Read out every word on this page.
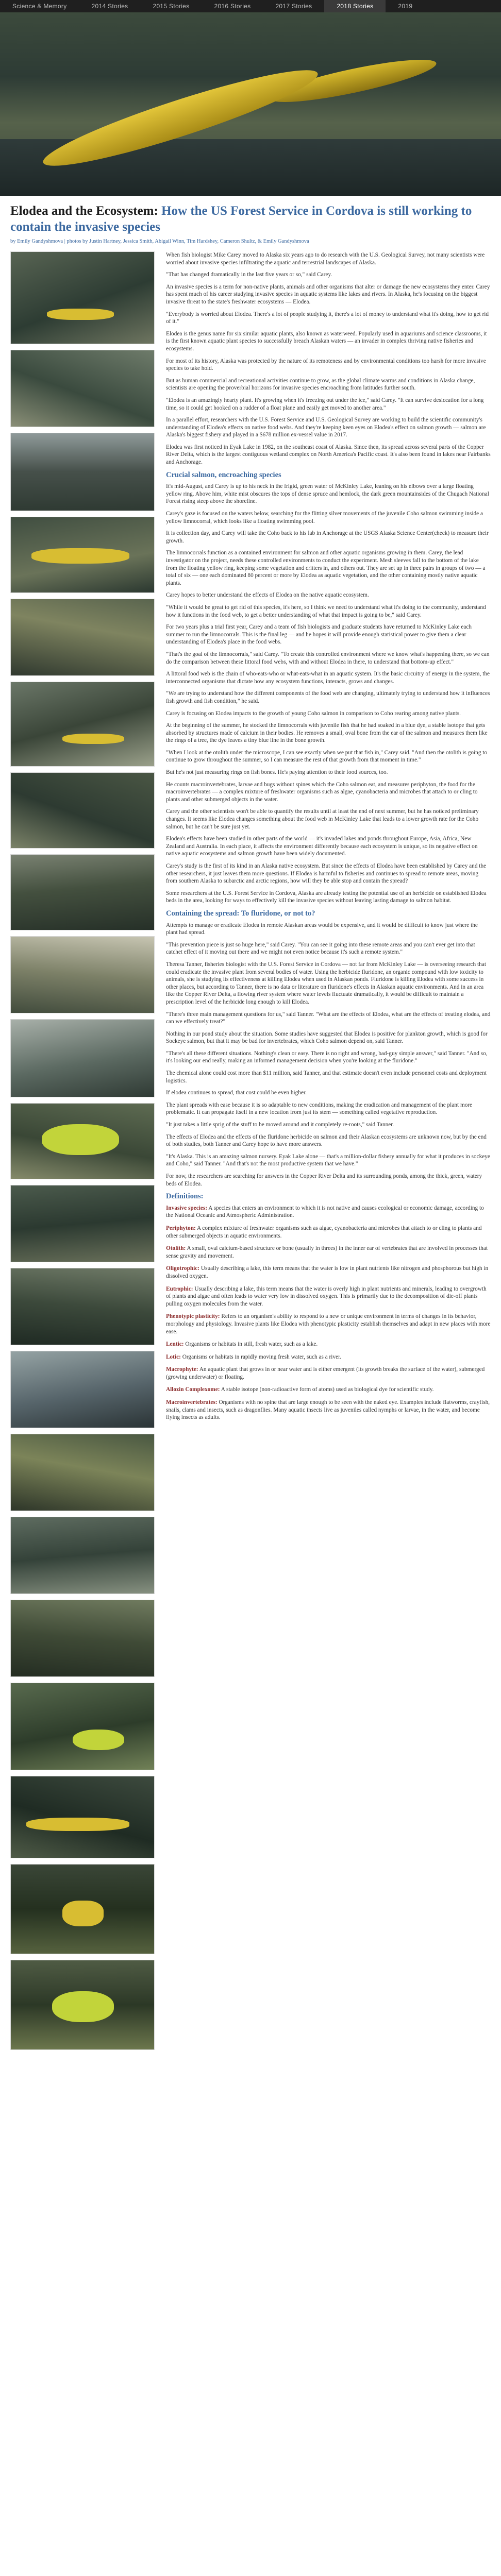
Science & Memory	2014 Stories	2015 Stories	2016 Stories	2017 Stories	2018 Stories	2019
Elodea and the Ecosystem: How the US Forest Service in Cordova is still working to contain the invasive species
by Emily Gandyshmova | photos by Justin Hartney, Jessica Smith, Abigail Winn, Tim Hardshey, Cameron Shultz, & Emily Gandyshmova

When fish biologist Mike Carey moved to Alaska six years ago to do research with the U.S. Geological Survey, not many scientists were worried about invasive species infiltrating the aquatic and terrestrial landscapes of Alaska.

"That has changed dramatically in the last five years or so," said Carey.

An invasive species is a term for non-native plants, animals and other organisms that alter or damage the new ecosystems they enter. Carey has spent much of his career studying invasive species in aquatic systems like lakes and rivers. In Alaska, he's focusing on the biggest invasive threat to the state's freshwater ecosystems — Elodea.

"Everybody is worried about Elodea. There's a lot of people studying it, there's a lot of money to understand what it's doing, how to get rid of it."

Elodea is the genus name for six similar aquatic plants, also known as waterweed. Popularly used in aquariums and science classrooms, it is the first known aquatic plant species to successfully breach Alaskan waters — an invader in complex thriving native fisheries and ecosystems.

For most of its history, Alaska was protected by the nature of its remoteness and by environmental conditions too harsh for more invasive species to take hold.

But as human commercial and recreational activities continue to grow, as the global climate warms and conditions in Alaska change, scientists are opening the proverbial horizons for invasive species encroaching from latitudes further south.

"Elodea is an amazingly hearty plant. It's growing when it's freezing out under the ice," said Carey. "It can survive desiccation for a long time, so it could get hooked on a rudder of a float plane and easily get moved to another area."

In a parallel effort, researchers with the U.S. Forest Service and U.S. Geological Survey are working to build the scientific community's understanding of Elodea's effects on native food webs. And they're keeping keen eyes on Elodea's effect on salmon growth — salmon are Alaska's biggest fishery and played in a $678 million ex-vessel value in 2017.

Elodea was first noticed in Eyak Lake in 1982, on the southeast coast of Alaska. Since then, its spread across several parts of the Copper River Delta, which is the largest contiguous wetland complex on North America's Pacific coast. It's also been found in lakes near Fairbanks and Anchorage.

Crucial salmon, encroaching species

It's mid-August, and Carey is up to his neck in the frigid, green water of McKinley Lake, leaning on his elbows over a large floating yellow ring. Above him, white mist obscures the tops of dense spruce and hemlock, the dark green mountainsides of the Chugach National Forest rising steep above the shoreline.

Carey's gaze is focused on the waters below, searching for the flitting silver movements of the juvenile Coho salmon swimming inside a yellow limnocorral, which looks like a floating swimming pool.

It is collection day, and Carey will take the Coho back to his lab in Anchorage at the USGS Alaska Science Center(check) to measure their growth.

The limnocorrals function as a contained environment for salmon and other aquatic organisms growing in them. Carey, the lead investigator on the project, needs these controlled environments to conduct the experiment. Mesh sleeves fall to the bottom of the lake from the floating yellow ring, keeping some vegetation and critters in, and others out. They are set up in three pairs in groups of two — a total of six — one each dominated 80 percent or more by Elodea as aquatic vegetation, and the other containing mostly native aquatic plants.

Carey hopes to better understand the effects of Elodea on the native aquatic ecosystem.

"While it would be great to get rid of this species, it's here, so I think we need to understand what it's doing to the community, understand how it functions in the food web, to get a better understanding of what that impact is going to be," said Carey.

For two years plus a trial first year, Carey and a team of fish biologists and graduate students have returned to McKinley Lake each summer to run the limnocorrals. This is the final leg — and he hopes it will provide enough statistical power to give them a clear understanding of Elodea's place in the food webs.

"That's the goal of the limnocorrals," said Carey. "To create this controlled environment where we know what's happening there, so we can do the comparison between these littoral food webs, with and without Elodea in there, to understand that bottom-up effect."

A littoral food web is the chain of who-eats-who or what-eats-what in an aquatic system. It's the basic circuitry of energy in the system, the interconnected organisms that dictate how any ecosystem functions, interacts, grows and changes.

"We are trying to understand how the different components of the food web are changing, ultimately trying to understand how it influences fish growth and fish condition," he said.

Carey is focusing on Elodea impacts to the growth of young Coho salmon in comparison to Coho rearing among native plants.

At the beginning of the summer, he stocked the limnocorrals with juvenile fish that he had soaked in a blue dye, a stable isotope that gets absorbed by structures made of calcium in their bodies. He removes a small, oval bone from the ear of the salmon and measures them like the rings of a tree, the dye leaves a tiny blue line in the bone growth.

"When I look at the otolith under the microscope, I can see exactly when we put that fish in," Carey said. "And then the otolith is going to continue to grow throughout the summer, so I can measure the rest of that growth from that moment in time."

But he's not just measuring rings on fish bones. He's paying attention to their food sources, too.

He counts macroinvertebrates, larvae and bugs without spines which the Coho salmon eat, and measures periphyton, the food for the macroinvertebrates — a complex mixture of freshwater organisms such as algae, cyanobacteria and microbes that attach to or cling to plants and other submerged objects in the water.

Carey and the other scientists won't be able to quantify the results until at least the end of next summer, but he has noticed preliminary changes. It seems like Elodea changes something about the food web in McKinley Lake that leads to a lower growth rate for the Coho salmon, but he can't be sure just yet.

Elodea's effects have been studied in other parts of the world — it's invaded lakes and ponds throughout Europe, Asia, Africa, New Zealand and Australia. In each place, it affects the environment differently because each ecosystem is unique, so its negative effect on native aquatic ecosystems and salmon growth have been widely documented.

Carey's study is the first of its kind in an Alaska native ecosystem. But since the effects of Elodea have been established by Carey and the other researchers, it just leaves them more questions. If Elodea is harmful to fisheries and continues to spread to remote areas, moving from southern Alaska to subarctic and arctic regions, how will they be able stop and contain the spread?

Some researchers at the U.S. Forest Service in Cordova, Alaska are already testing the potential use of an herbicide on established Elodea beds in the area, looking for ways to effectively kill the invasive species without leaving lasting damage to salmon habitat.

Containing the spread: To fluridone, or not to?

Attempts to manage or eradicate Elodea in remote Alaskan areas would be expensive, and it would be difficult to know just where the plant had spread.

"This prevention piece is just so huge here," said Carey. "You can see it going into these remote areas and you can't ever get into that catchet effect of it moving out there and we might not even notice because it's such a remote system."

Theresa Tanner, fisheries biologist with the U.S. Forest Service in Cordova — not far from McKinley Lake — is overseeing research that could eradicate the invasive plant from several bodies of water. Using the herbicide fluridone, an organic compound with low toxicity to animals, she is studying its effectiveness at killing Elodea when used in Alaskan ponds. Fluridone is killing Elodea with some success in other places, but according to Tanner, there is no data or literature on fluridone's effects in Alaskan aquatic environments. And in an area like the Copper River Delta, a flowing river system where water levels fluctuate dramatically, it would be difficult to maintain a prescription level of the herbicide long enough to kill Elodea.

"There's three main management questions for us," said Tanner. "What are the effects of Elodea, what are the effects of treating elodea, and can we effectively treat?"

Nothing in our pond study about the situation. Some studies have suggested that Elodea is positive for plankton growth, which is good for Sockeye salmon, but that it may be bad for invertebrates, which Coho salmon depend on, said Tanner.

"There's all these different situations. Nothing's clean or easy. There is no right and wrong, bad-guy simple answer," said Tanner. "And so, it's looking our end really, making an informed management decision when you're looking at the fluridone."

The chemical alone could cost more than $11 million, said Tanner, and that estimate doesn't even include personnel costs and deployment logistics.

If elodea continues to spread, that cost could be even higher.

The plant spreads with ease because it is so adaptable to new conditions, making the eradication and management of the plant more problematic. It can propagate itself in a new location from just its stem — something called vegetative reproduction.

"It just takes a little sprig of the stuff to be moved around and it completely re-roots," said Tanner.

The effects of Elodea and the effects of the fluridone herbicide on salmon and their Alaskan ecosystems are unknown now, but by the end of both studies, both Tanner and Carey hope to have more answers.

"It's Alaska. This is an amazing salmon nursery. Eyak Lake alone — that's a million-dollar fishery annually for what it produces in sockeye and Coho," said Tanner. "And that's not the most productive system that we have."

For now, the researchers are searching for answers in the Copper River Delta and its surrounding ponds, among the thick, green, watery beds of Elodea.

Definitions:

Invasive species: A species that enters an environment to which it is not native and causes ecological or economic damage, according to the National Oceanic and Atmospheric Administration.

Periphyton: A complex mixture of freshwater organisms such as algae, cyanobacteria and microbes that attach to or cling to plants and other submerged objects in aquatic environments.

Otolith: A small, oval calcium-based structure or bone (usually in threes) in the inner ear of vertebrates that are involved in processes that sense gravity and movement.

Oligotrophic: Usually describing a lake, this term means that the water is low in plant nutrients like nitrogen and phosphorous but high in dissolved oxygen.

Eutrophic: Usually describing a lake, this term means that the water is overly high in plant nutrients and minerals, leading to overgrowth of plants and algae and often leads to water very low in dissolved oxygen. This is primarily due to the decomposition of die-off plants pulling oxygen molecules from the water.

Phenotypic plasticity: Refers to an organism's ability to respond to a new or unique environment in terms of changes in its behavior, morphology and physiology. Invasive plants like Elodea with phenotypic plasticity establish themselves and adapt in new places with more ease.

Lentic: Organisms or habitats in still, fresh water, such as a lake.

Lotic: Organisms or habitats in rapidly moving fresh water, such as a river.

Macrophyte: An aquatic plant that grows in or near water and is either emergent (its growth breaks the surface of the water), submerged (growing underwater) or floating.

Allozin Complexome: A stable isotope (non-radioactive form of atoms) used as biological dye for scientific study.

Macroinvertebrates: Organisms with no spine that are large enough to be seen with the naked eye. Examples include flatworms, crayfish, snails, clams and insects, such as dragonflies. Many aquatic insects live as juveniles called nymphs or larvae, in the water, and become flying insects as adults.
